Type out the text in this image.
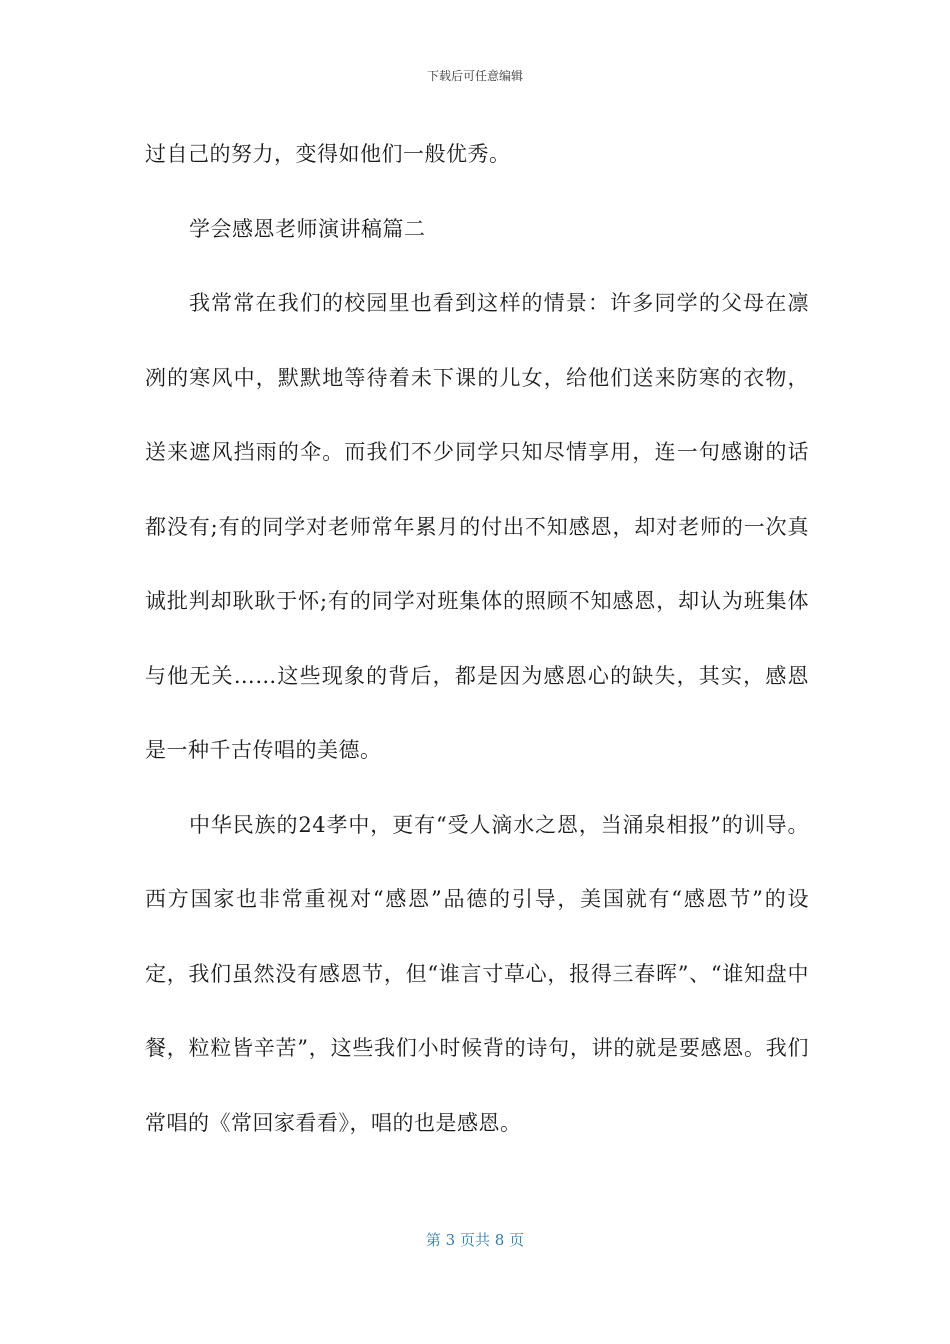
下载后可任意编辑

过自己的努力，变得如他们一般优秀。

学会感恩老师演讲稿篇二

我常常在我们的校园里也看到这样的情景：许多同学的父母在凛冽的寒风中，默默地等待着未下课的儿女，给他们送来防寒的衣物，送来遮风挡雨的伞。而我们不少同学只知尽情享用，连一句感谢的话都没有;有的同学对老师常年累月的付出不知感恩，却对老师的一次真诚批判却耿耿于怀;有的同学对班集体的照顾不知感恩，却认为班集体与他无关……这些现象的背后，都是因为感恩心的缺失，其实，感恩是一种千古传唱的美德。

中华民族的24孝中，更有“受人滴水之恩，当涌泉相报”的训导。西方国家也非常重视对“感恩”品德的引导，美国就有“感恩节”的设定，我们虽然没有感恩节，但“谁言寸草心，报得三春晖”、“谁知盘中餐，粒粒皆辛苦”，这些我们小时候背的诗句，讲的就是要感恩。我们常唱的《常回家看看》，唱的也是感恩。

第 3 页共 8 页
